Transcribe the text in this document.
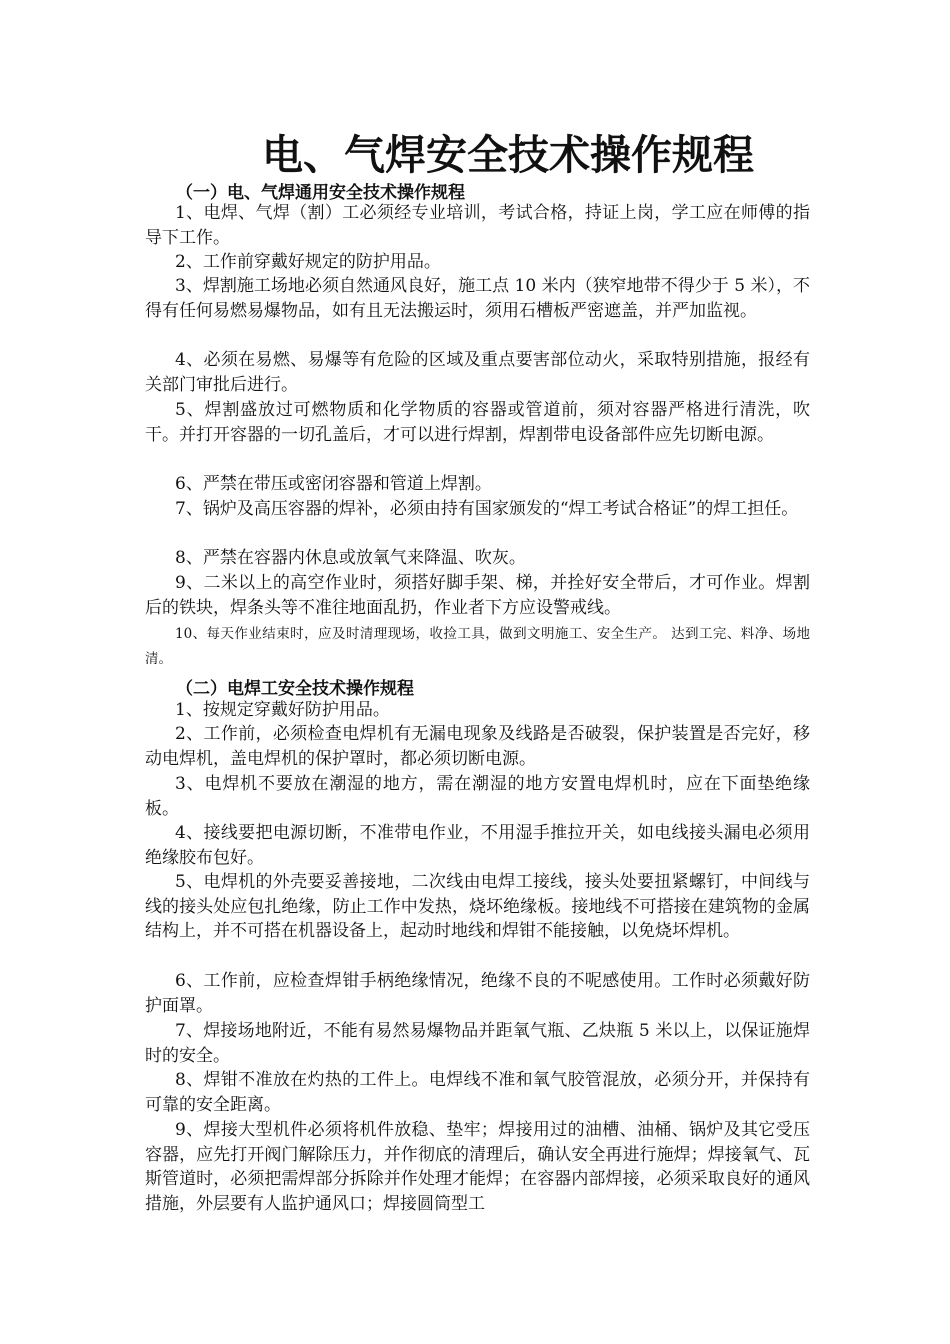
电、气焊安全技术操作规程
（一）电、气焊通用安全技术操作规程
1、电焊、气焊（割）工必须经专业培训，考试合格，持证上岗，学工应在师傅的指导下工作。
2、工作前穿戴好规定的防护用品。
3、焊割施工场地必须自然通风良好，施工点 10 米内（狭窄地带不得少于 5 米），不得有任何易燃易爆物品，如有且无法搬运时，须用石槽板严密遮盖，并严加监视。
4、必须在易燃、易爆等有危险的区域及重点要害部位动火，采取特别措施，报经有关部门审批后进行。
5、焊割盛放过可燃物质和化学物质的容器或管道前，须对容器严格进行清洗，吹干。并打开容器的一切孔盖后，才可以进行焊割，焊割带电设备部件应先切断电源。
6、严禁在带压或密闭容器和管道上焊割。
7、锅炉及高压容器的焊补，必须由持有国家颁发的“焊工考试合格证”的焊工担任。
8、严禁在容器内休息或放氧气来降温、吹灰。
9、二米以上的高空作业时，须搭好脚手架、梯，并拴好安全带后，才可作业。焊割后的铁块，焊条头等不准往地面乱扔，作业者下方应设警戒线。
10、每天作业结束时，应及时清理现场，收捡工具，做到文明施工、安全生产。 达到工完、料净、场地清。
（二）电焊工安全技术操作规程
1、按规定穿戴好防护用品。
2、工作前，必须检查电焊机有无漏电现象及线路是否破裂，保护装置是否完好，移动电焊机，盖电焊机的保护罩时，都必须切断电源。
3、电焊机不要放在潮湿的地方，需在潮湿的地方安置电焊机时，应在下面垫绝缘板。
4、接线要把电源切断，不准带电作业，不用湿手推拉开关，如电线接头漏电必须用绝缘胶布包好。
5、电焊机的外壳要妥善接地，二次线由电焊工接线，接头处要扭紧螺钉，中间线与线的接头处应包扎绝缘，防止工作中发热，烧坏绝缘板。接地线不可搭接在建筑物的金属结构上，并不可搭在机器设备上，起动时地线和焊钳不能接触，以免烧坏焊机。
6、工作前，应检查焊钳手柄绝缘情况，绝缘不良的不呢感使用。工作时必须戴好防护面罩。
7、焊接场地附近，不能有易然易爆物品并距氧气瓶、乙炔瓶 5 米以上，以保证施焊时的安全。
8、焊钳不准放在灼热的工件上。电焊线不准和氧气胶管混放，必须分开，并保持有可靠的安全距离。
9、焊接大型机件必须将机件放稳、垫牢；焊接用过的油槽、油桶、锅炉及其它受压容器，应先打开阀门解除压力，并作彻底的清理后，确认安全再进行施焊；焊接氧气、瓦斯管道时，必须把需焊部分拆除并作处理才能焊；在容器内部焊接，必须采取良好的通风措施，外层要有人监护通风口；焊接圆筒型工
